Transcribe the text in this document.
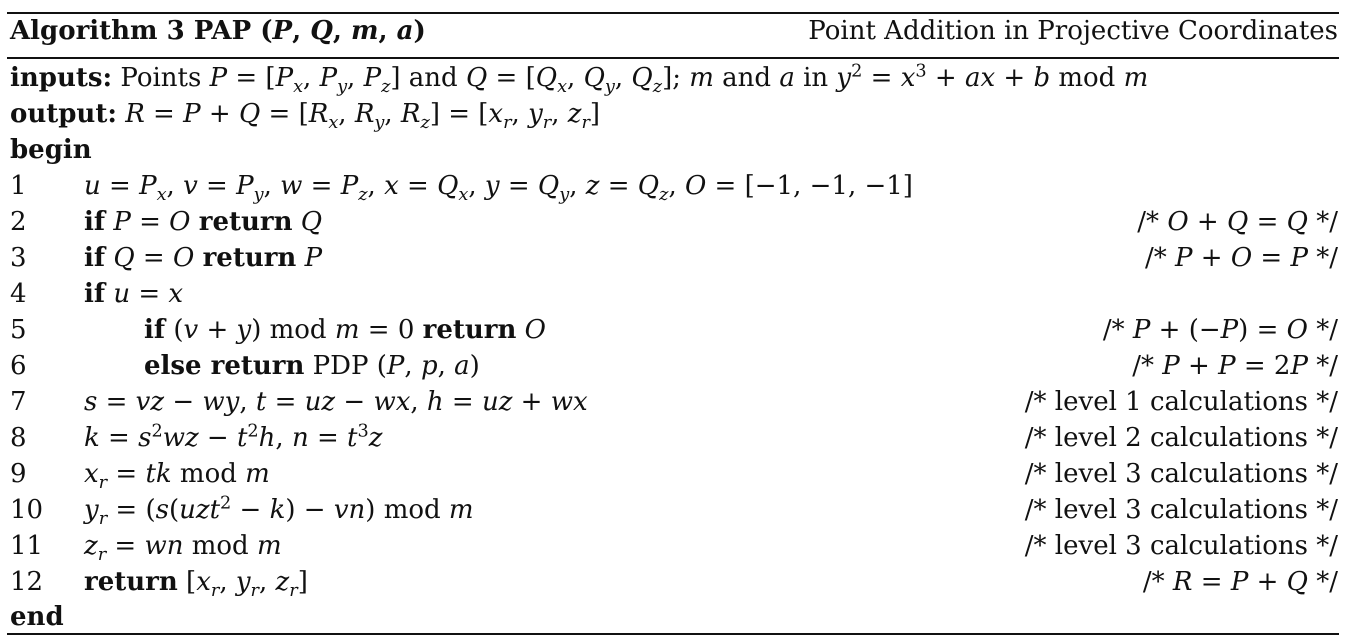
Algorithm 3 PAP (P, Q, m, a)	Point Addition in Projective Coordinates
inputs: Points $P = [P_x$, $P_y$, $P_z$] and $Q = [Q_x$, $Q_y$, $Q_z$]; m and a in $y^2 = x^3$ + ax + b mod m
output: $R = P + Q = [R_x$, $R_y$, $R_z] = [x_r$, $y_r$, $z_r$]
begin
1 $u = P_x$, $v = P_y$, $w = P_z$, $x = Q_x$, $y = Q_y$, $z = Q_z$, O = [−1, −1, −1]
2 if P = O return Q	/* O + Q = Q */
3 if Q = O return P	/* P + O = P */
4 if u = x
5	if (v + y) mod m = 0 return O	/* P + (−P) = O */
6	else return PDP (P, p, a)	/* P + P = 2P */
7 s = vz − wy, t = uz − wx, h = uz + wx	/* level 1 calculations */
8 $k = s^2wz - t^2h$, $n = t^3z$	/* level 2 calculations */
9 $x_r$ = tk mod m	/* level 3 calculations */
10 $y_r = (s(uzt^2 - k) - vn)$ mod m	/* level 3 calculations */
11 $z_r$ = wn mod m	/* level 3 calculations */
12 return [$x_r$, $y_r$, $z_r$]	/* R = P + Q */
end
